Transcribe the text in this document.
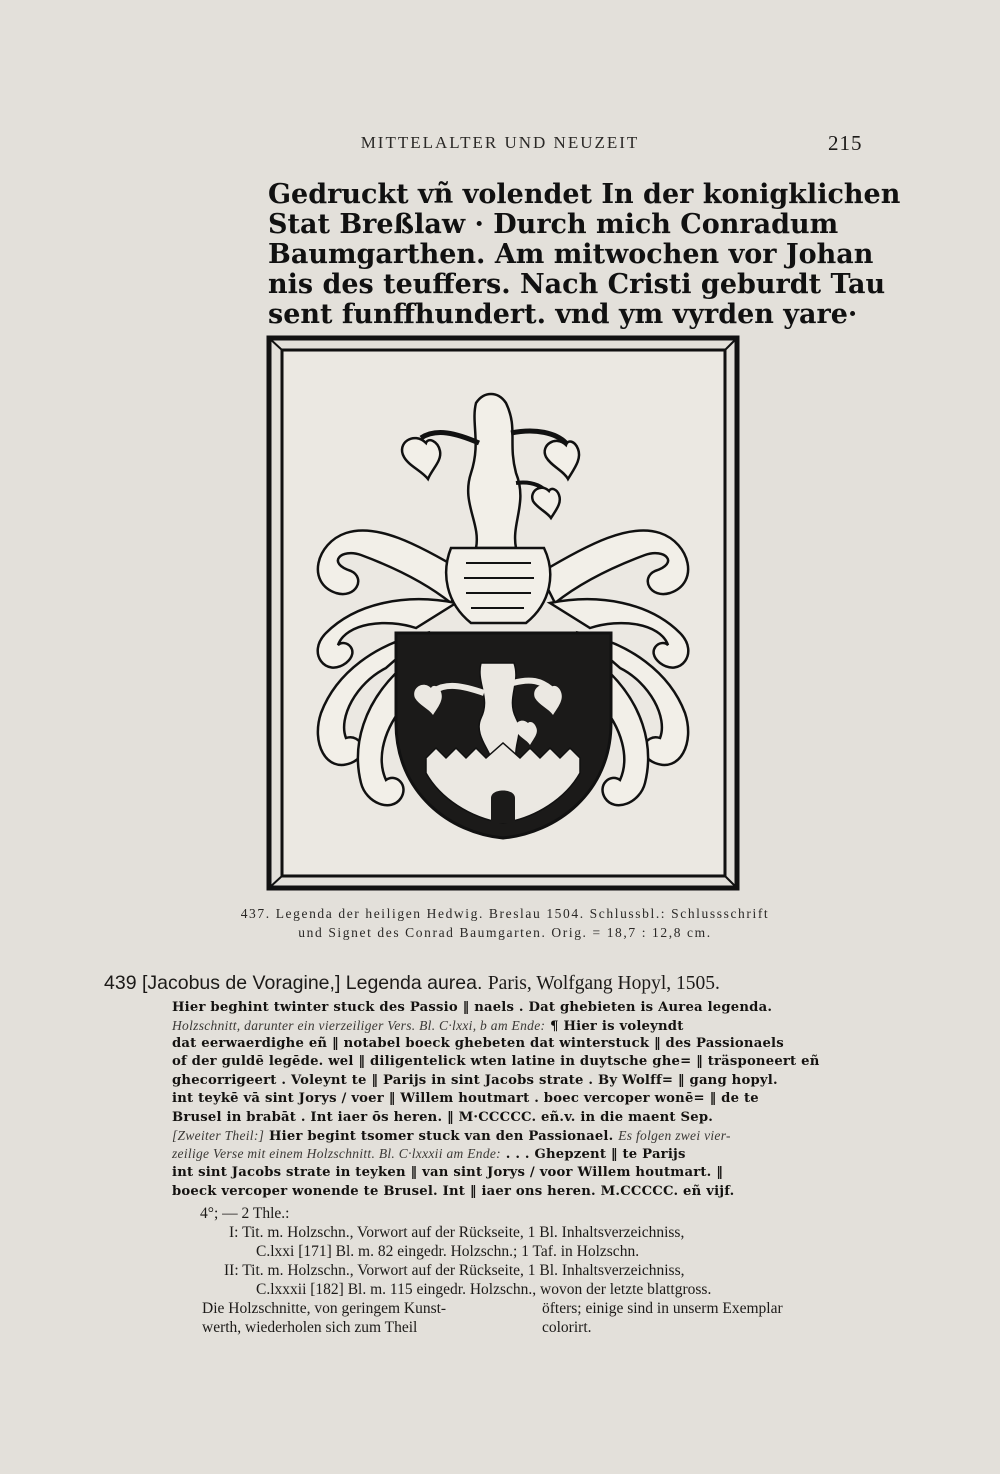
MITTELALTER UND NEUZEIT	215
Gedruckt vñ volendet In der konigklichen
Stat Breßlaw · Durch mich Conradum
Baumgarthen. Am mitwochen vor Johan
nis des teuffers. Nach Cristi geburdt Tau
sent funffhundert. vnd ym vyrden yare·
437. Legenda der heiligen Hedwig. Breslau 1504. Schlussbl.: Schlussschrift
und Signet des Conrad Baumgarten. Orig. = 18,7 : 12,8 cm.
439 [Jacobus de Voragine,] Legenda aurea. Paris, Wolfgang Hopyl, 1505.
Hier beghint twinter stuck des Passio ‖ naels . Dat ghebieten is Aurea legenda.
Holzschnitt, darunter ein vierzeiliger Vers. Bl. C·lxxi, b am Ende: ¶ Hier is voleyndt
dat eerwaerdighe eñ ‖ notabel boeck ghebeten dat winterstuck ‖ des Passionaels
of der guldē legēde. wel ‖ diligentelick wten latine in duytsche ghe= ‖ träsponeert eñ
ghecorrigeert . Voleynt te ‖ Parijs in sint Jacobs strate . By Wolff= ‖ gang hopyl.
int teykē vā sint Jorys / voer ‖ Willem houtmart . boec vercoper wonē= ‖ de te
Brusel in brabāt . Int iaer ōs heren. ‖ M·CCCCC. eñ.v. in die maent Sep.
[Zweiter Theil:] Hier begint tsomer stuck van den Passionael. Es folgen zwei vier-
zeilige Verse mit einem Holzschnitt. Bl. C·lxxxii am Ende: . . . Ghepzent ‖ te Parijs
int sint Jacobs strate in teyken ‖ van sint Jorys / voor Willem houtmart. ‖
boeck vercoper wonende te Brusel. Int ‖ iaer ons heren. M.CCCCC. eñ vijf.
4°; — 2 Thle.:
I: Tit. m. Holzschn., Vorwort auf der Rückseite, 1 Bl. Inhaltsverzeichniss,
C.lxxi [171] Bl. m. 82 eingedr. Holzschn.; 1 Taf. in Holzschn.
II: Tit. m. Holzschn., Vorwort auf der Rückseite, 1 Bl. Inhaltsverzeichniss,
C.lxxxii [182] Bl. m. 115 eingedr. Holzschn., wovon der letzte blattgross.
Die Holzschnitte, von geringem Kunst-
werth, wiederholen sich zum Theil
öfters; einige sind in unserm Exemplar
colorirt.
